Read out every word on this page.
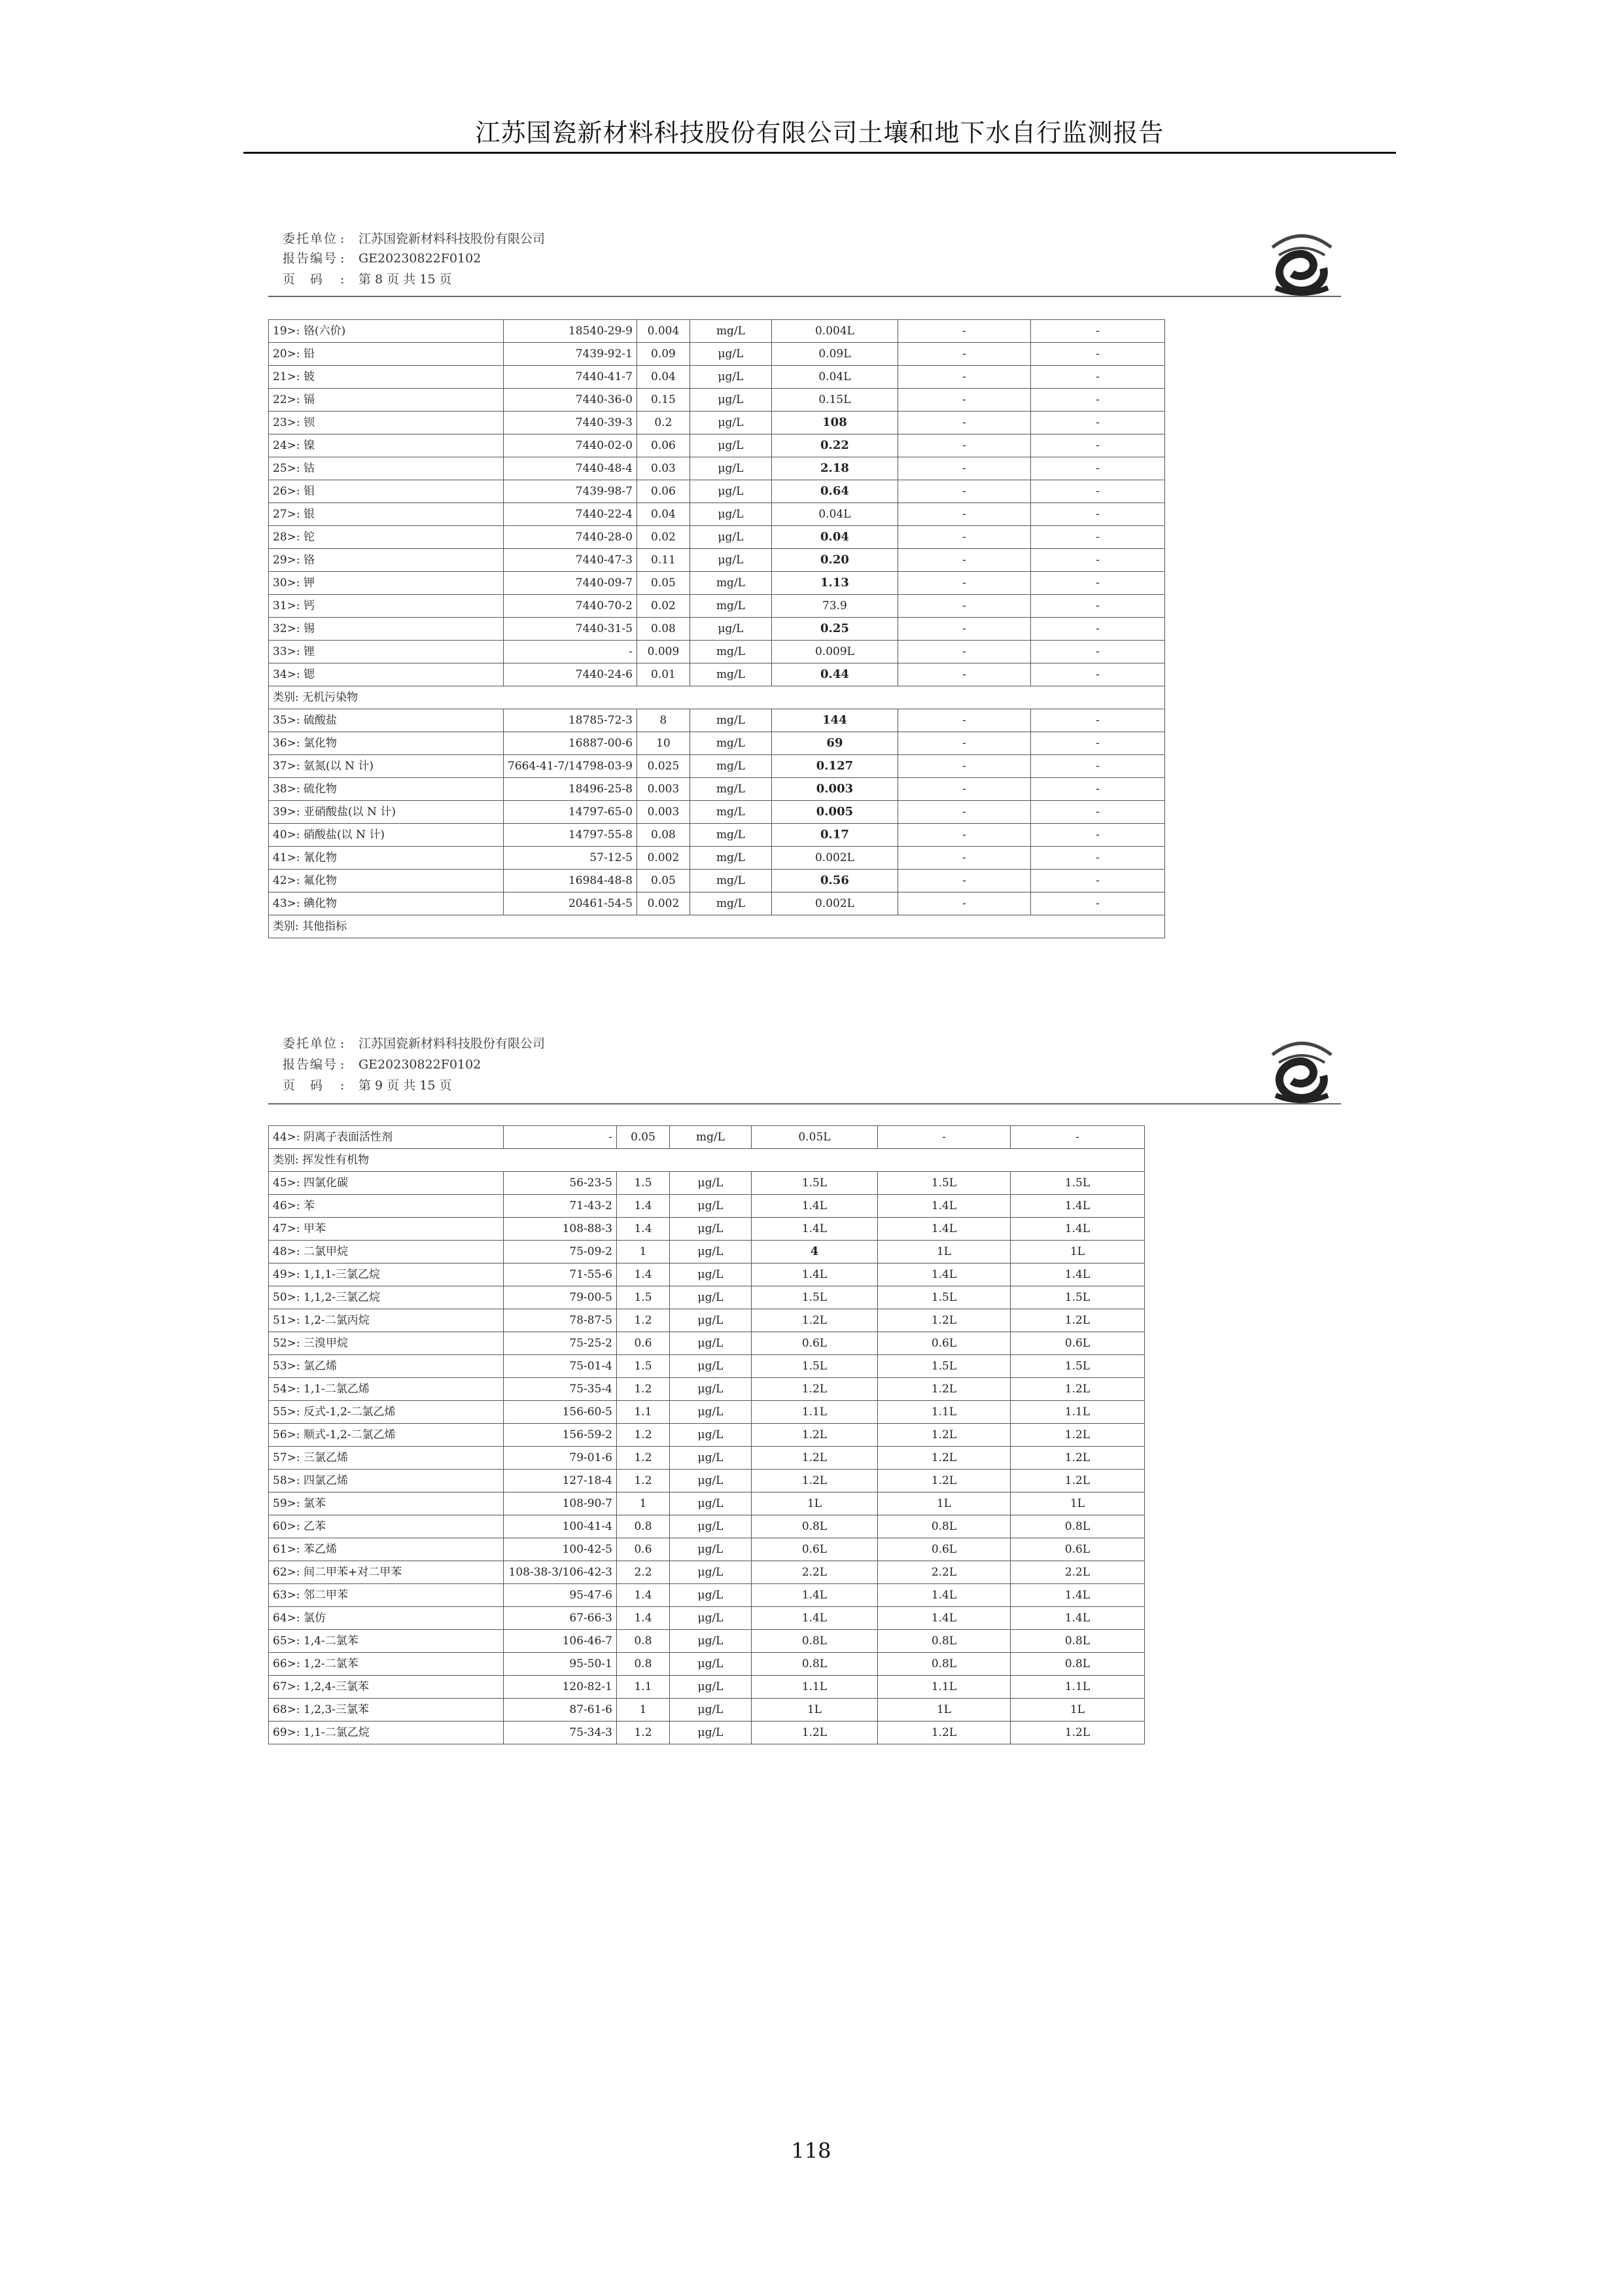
江苏国瓷新材料科技股份有限公司土壤和地下水自行监测报告
委托单位 : 江苏国瓷新材料科技股份有限公司
报告编号 : GE20230822F0102
页　码 : 第 8 页 共 15 页
19>: 铬(六价)	18540-29-9	0.004	mg/L	0.004L	-	-
20>: 铅	7439-92-1	0.09	μg/L	0.09L	-	-
21>: 铍	7440-41-7	0.04	μg/L	0.04L	-	-
22>: 镉	7440-36-0	0.15	μg/L	0.15L	-	-
23>: 钡	7440-39-3	0.2	μg/L	108	-	-
24>: 镍	7440-02-0	0.06	μg/L	0.22	-	-
25>: 钴	7440-48-4	0.03	μg/L	2.18	-	-
26>: 钼	7439-98-7	0.06	μg/L	0.64	-	-
27>: 银	7440-22-4	0.04	μg/L	0.04L	-	-
28>: 铊	7440-28-0	0.02	μg/L	0.04	-	-
29>: 铬	7440-47-3	0.11	μg/L	0.20	-	-
30>: 钾	7440-09-7	0.05	mg/L	1.13	-	-
31>: 钙	7440-70-2	0.02	mg/L	73.9	-	-
32>: 锡	7440-31-5	0.08	μg/L	0.25	-	-
33>: 锂	-	0.009	mg/L	0.009L	-	-
34>: 锶	7440-24-6	0.01	mg/L	0.44	-	-
类别: 无机污染物						
35>: 硫酸盐	18785-72-3	8	mg/L	144	-	-
36>: 氯化物	16887-00-6	10	mg/L	69	-	-
37>: 氨氮(以 N 计)	7664-41-7/14798-03-9	0.025	mg/L	0.127	-	-
38>: 硫化物	18496-25-8	0.003	mg/L	0.003	-	-
39>: 亚硝酸盐(以 N 计)	14797-65-0	0.003	mg/L	0.005	-	-
40>: 硝酸盐(以 N 计)	14797-55-8	0.08	mg/L	0.17	-	-
41>: 氰化物	57-12-5	0.002	mg/L	0.002L	-	-
42>: 氟化物	16984-48-8	0.05	mg/L	0.56	-	-
43>: 碘化物	20461-54-5	0.002	mg/L	0.002L	-	-
类别: 其他指标						
委托单位 : 江苏国瓷新材料科技股份有限公司
报告编号 : GE20230822F0102
页　码 : 第 9 页 共 15 页
44>: 阴离子表面活性剂	-	0.05	mg/L	0.05L	-	-
类别: 挥发性有机物						
45>: 四氯化碳	56-23-5	1.5	μg/L	1.5L	1.5L	1.5L
46>: 苯	71-43-2	1.4	μg/L	1.4L	1.4L	1.4L
47>: 甲苯	108-88-3	1.4	μg/L	1.4L	1.4L	1.4L
48>: 二氯甲烷	75-09-2	1	μg/L	4	1L	1L
49>: 1,1,1-三氯乙烷	71-55-6	1.4	μg/L	1.4L	1.4L	1.4L
50>: 1,1,2-三氯乙烷	79-00-5	1.5	μg/L	1.5L	1.5L	1.5L
51>: 1,2-二氯丙烷	78-87-5	1.2	μg/L	1.2L	1.2L	1.2L
52>: 三溴甲烷	75-25-2	0.6	μg/L	0.6L	0.6L	0.6L
53>: 氯乙烯	75-01-4	1.5	μg/L	1.5L	1.5L	1.5L
54>: 1,1-二氯乙烯	75-35-4	1.2	μg/L	1.2L	1.2L	1.2L
55>: 反式-1,2-二氯乙烯	156-60-5	1.1	μg/L	1.1L	1.1L	1.1L
56>: 顺式-1,2-二氯乙烯	156-59-2	1.2	μg/L	1.2L	1.2L	1.2L
57>: 三氯乙烯	79-01-6	1.2	μg/L	1.2L	1.2L	1.2L
58>: 四氯乙烯	127-18-4	1.2	μg/L	1.2L	1.2L	1.2L
59>: 氯苯	108-90-7	1	μg/L	1L	1L	1L
60>: 乙苯	100-41-4	0.8	μg/L	0.8L	0.8L	0.8L
61>: 苯乙烯	100-42-5	0.6	μg/L	0.6L	0.6L	0.6L
62>: 间二甲苯+对二甲苯	108-38-3/106-42-3	2.2	μg/L	2.2L	2.2L	2.2L
63>: 邻二甲苯	95-47-6	1.4	μg/L	1.4L	1.4L	1.4L
64>: 氯仿	67-66-3	1.4	μg/L	1.4L	1.4L	1.4L
65>: 1,4-二氯苯	106-46-7	0.8	μg/L	0.8L	0.8L	0.8L
66>: 1,2-二氯苯	95-50-1	0.8	μg/L	0.8L	0.8L	0.8L
67>: 1,2,4-三氯苯	120-82-1	1.1	μg/L	1.1L	1.1L	1.1L
68>: 1,2,3-三氯苯	87-61-6	1	μg/L	1L	1L	1L
69>: 1,1-二氯乙烷	75-34-3	1.2	μg/L	1.2L	1.2L	1.2L
118
